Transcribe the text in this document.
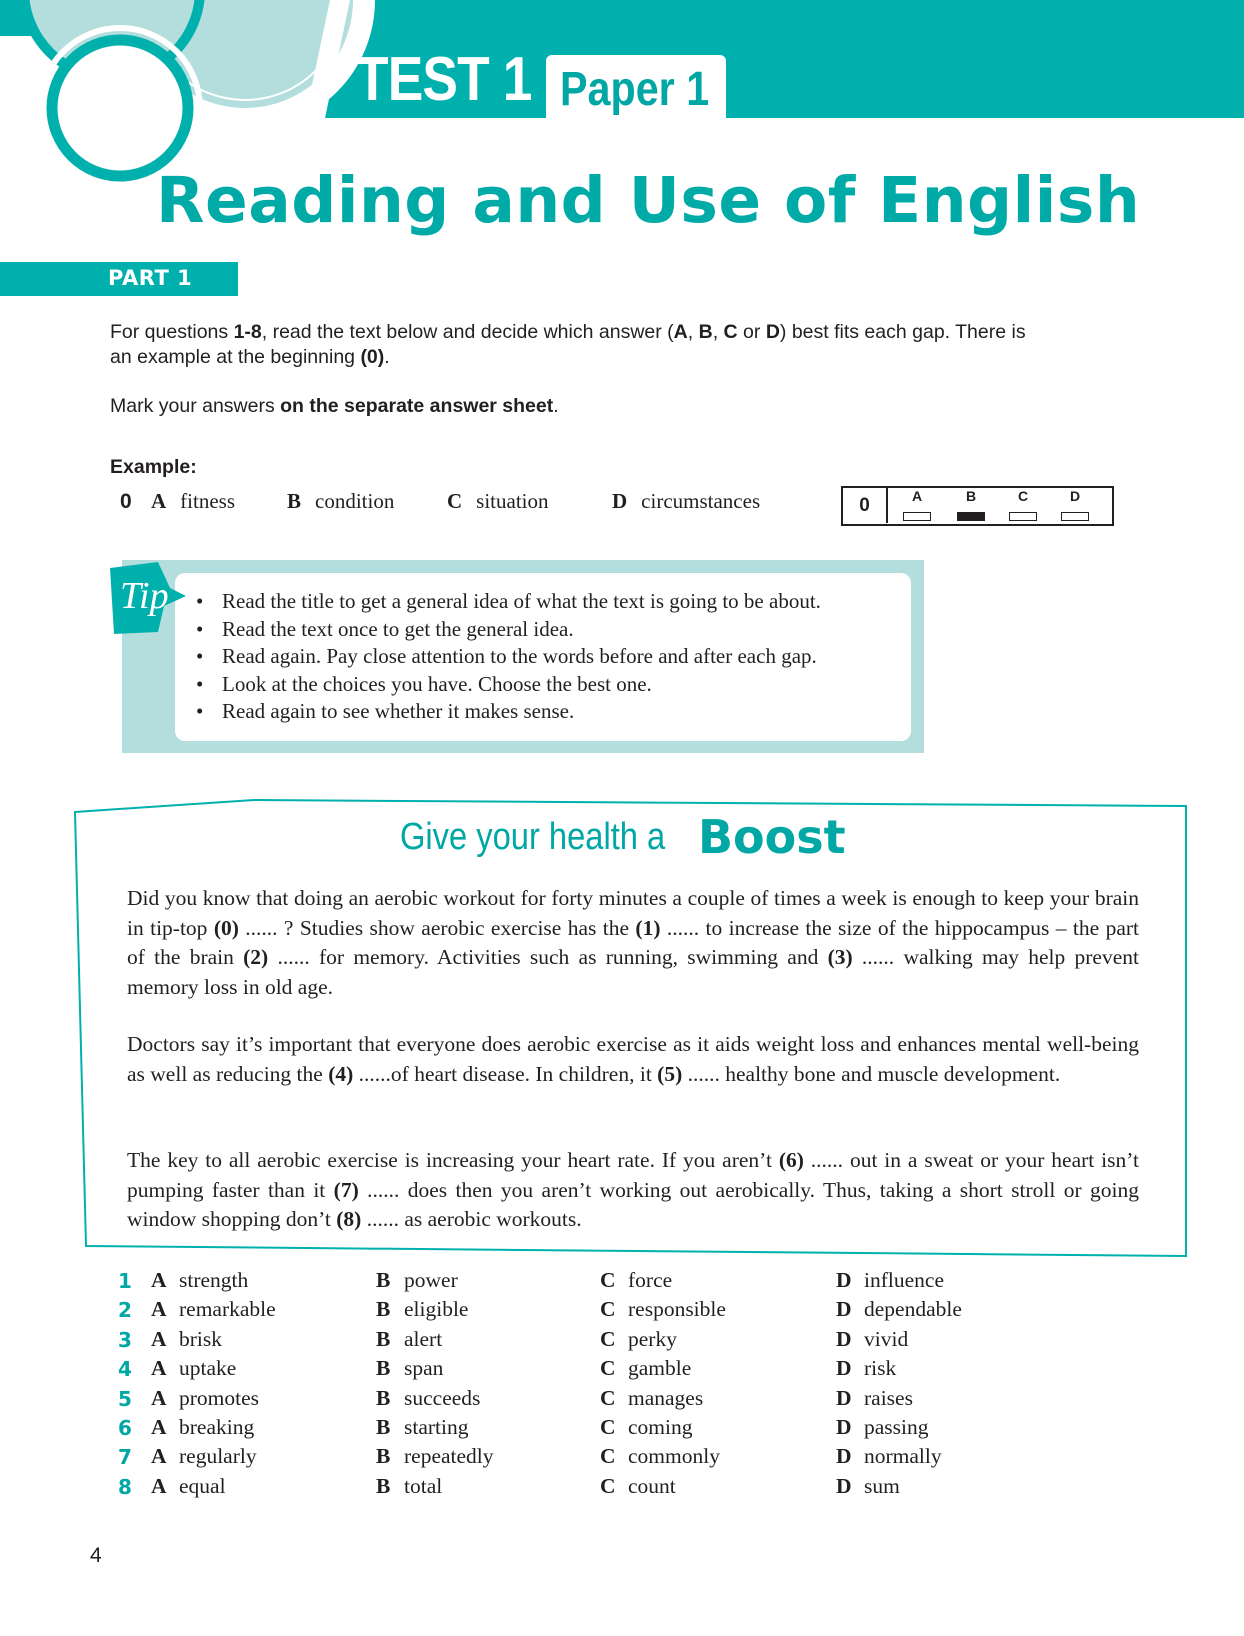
TEST 1 Paper 1
Reading and Use of English
PART 1
For questions 1-8, read the text below and decide which answer (A, B, C or D) best fits each gap. There is
an example at the beginning (0).
Mark your answers on the separate answer sheet.
Example:
0 A fitness B condition	C situation	D circumstances	0	A	B	C	D
Tip
•	Read the title to get a general idea of what the text is going to be about.
• Read the text once to get the general idea.
• Read again. Pay close attention to the words before and after each gap.
• Look at the choices you have. Choose the best one.
• Read again to see whether it makes sense.
Give your health a Boost
Did you know that doing an aerobic workout for forty minutes a couple of times a week is enough to keep your brain in tip-top (0) ...... ? Studies show aerobic exercise has the (1) ...... to increase the size of the hippocampus – the part of the brain (2) ...... for memory. Activities such as running, swimming and (3) ...... walking may help prevent memory loss in old age.
Doctors say it’s important that everyone does aerobic exercise as it aids weight loss and enhances mental well-being as well as reducing the (4) ......of heart disease. In children, it (5) ...... healthy bone and muscle development.
The key to all aerobic exercise is increasing your heart rate. If you aren’t (6) ...... out in a sweat or your heart isn’t pumping faster than it (7) ...... does then you aren’t working out aerobically. Thus, taking a short stroll or going window shopping don’t (8) ...... as aerobic workouts.
1 A strength	B power	C force	D influence
2 A remarkable	B eligible	C responsible	D dependable
3 A brisk	B alert	C perky	D vivid
4 A uptake	B span	C gamble	D risk
5 A promotes	B succeeds	C manages	D raises
6 A breaking	B starting	C coming	D passing
7 A regularly	B repeatedly	C commonly	D normally
8 A equal	B total	C count	D sum
4
